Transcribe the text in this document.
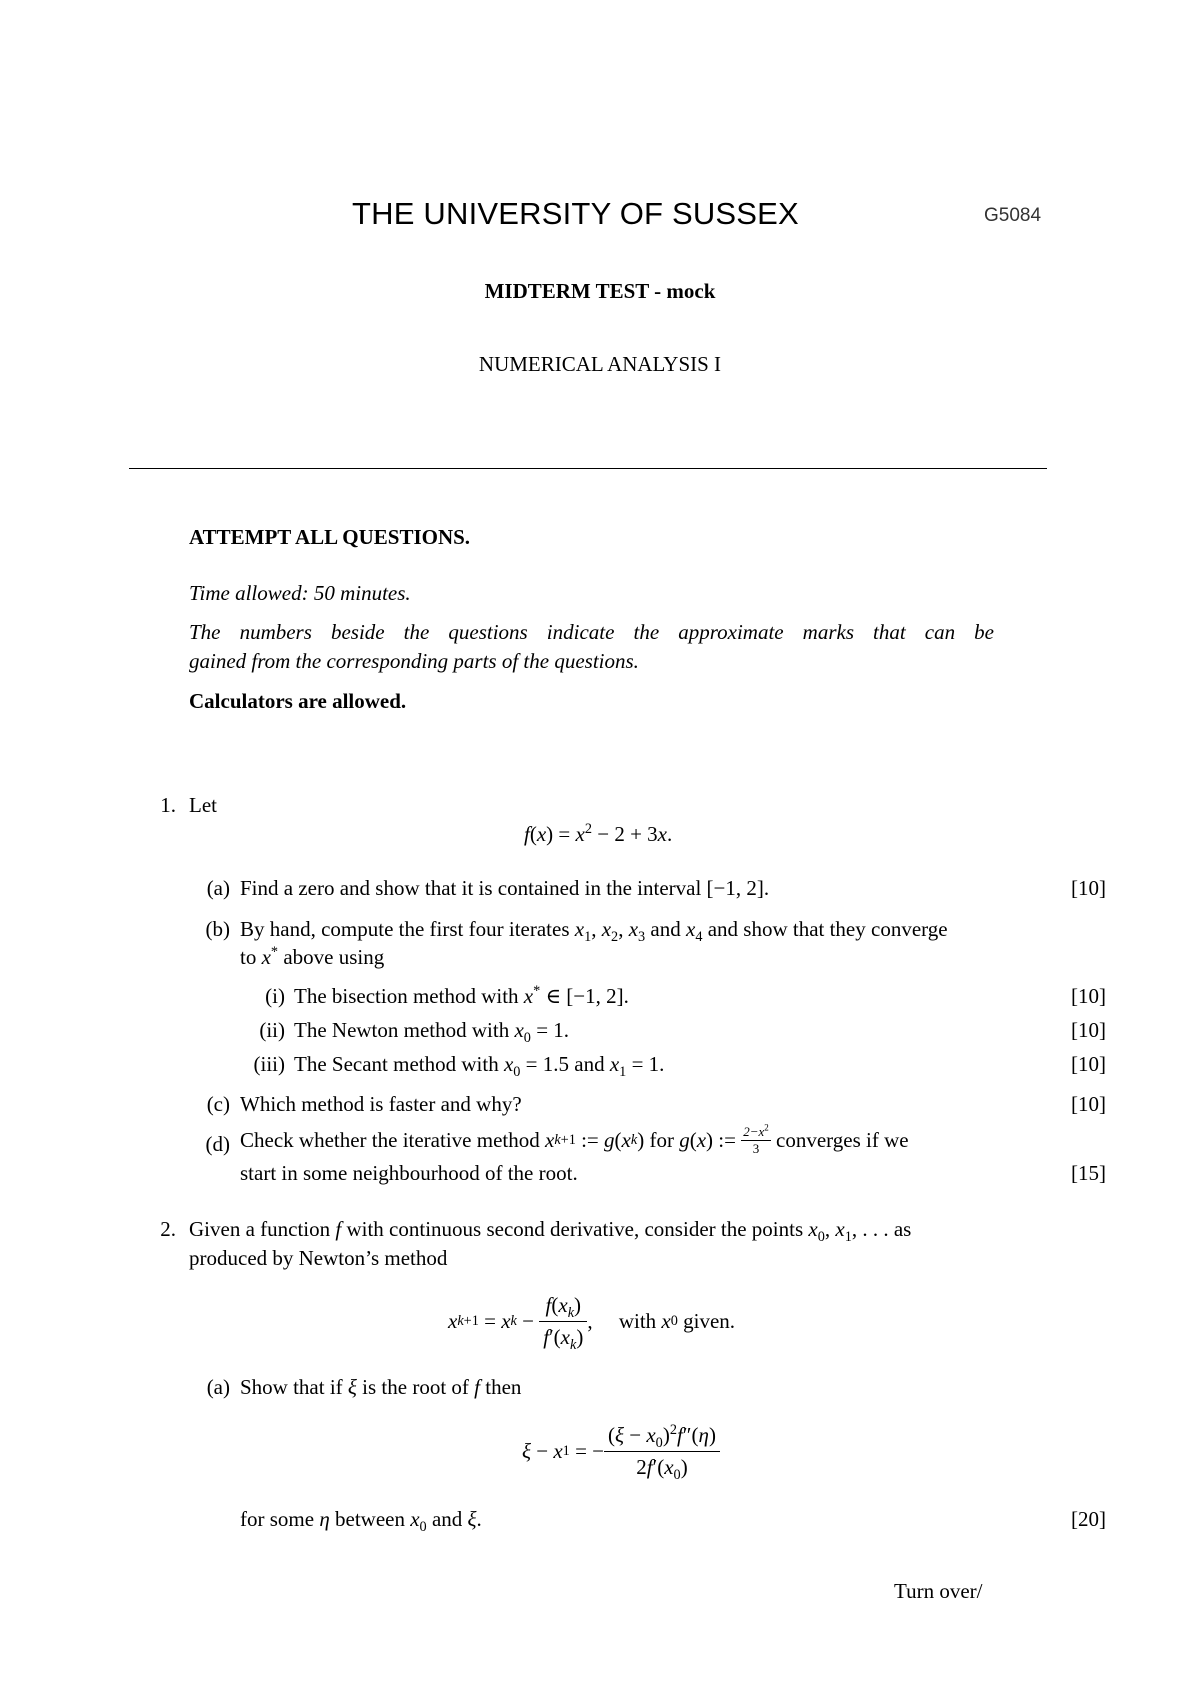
THE UNIVERSITY OF SUSSEX	G5084
MIDTERM TEST - mock
NUMERICAL ANALYSIS I
ATTEMPT ALL QUESTIONS.
Time allowed: 50 minutes.
The numbers beside the questions indicate the approximate marks that can be
gained from the corresponding parts of the questions.
Calculators are allowed.
1. Let
$f(x) = x^2 - 2 + 3x$.
(a) Find a zero and show that it is contained in the interval [−1, 2].	[10]
(b) By hand, compute the first four iterates $x_1$, $x_2$, $x_3$ and $x_4$ and show that they converge
to x* above using
(i) The bisection method with x* ∈ [−1, 2].	[10]
(ii) The Newton method with $x_0 = 1$.	[10]
(iii) The Secant method with $x_0 = 1.5$ and $x_1 = 1$.	[10]
(c) Which method is faster and why?	[10]
(d) Check whether the iterative method
x k+1 := g ( x k ) for
g ( x ) := $\frac{2-x^2}{3}$
converges if we
start in some neighbourhood of the root.	[15]
2. Given a function f with continuous second derivative, consider the points $x_0$, $x_1$, . . . as
produced by Newton’s method
x k+1 = x $k - \frac{f(x_k)}{f'(x_k)}$ ,     with x 0 given.
(a) Show that if ξ is the root of f then
ξ − x 1 = − $\frac{(\xi - x_0)^2f''(\eta)}{2f'(x_0)}$
for some η between $x_0$ and ξ.	[20]
Turn over/
